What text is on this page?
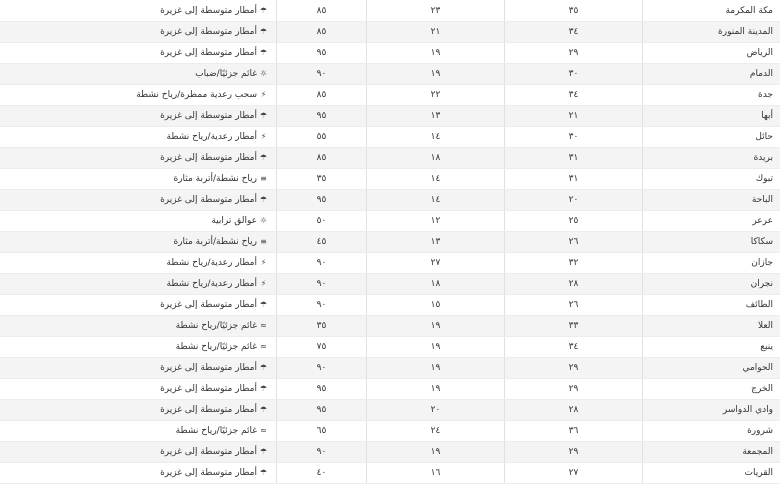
مكة المكرمة	٣٥	٢٣	٨٥	☂أمطار متوسطة إلى غزيرة
المدينة المنورة	٣٤	٢١	٨٥	☂أمطار متوسطة إلى غزيرة
الرياض	٢٩	١٩	٩٥	☂أمطار متوسطة إلى غزيرة
الدمام	٣٠	١٩	٩٠	☼غائم جزئيًا/ضباب
جدة	٣٤	٢٢	٨٥	⚡سحب رعدية ممطرة/رياح نشطة
أبها	٢١	١٣	٩٥	☂أمطار متوسطة إلى غزيرة
حائل	٣٠	١٤	٥٥	⚡أمطار رعدية/رياح نشطة
بريدة	٣١	١٨	٨٥	☂أمطار متوسطة إلى غزيرة
تبوك	٣١	١٤	٣٥	≡رياح نشطة/أتربة مثارة
الباحة	٢٠	١٤	٩٥	☂أمطار متوسطة إلى غزيرة
عرعر	٢٥	١٢	٥٠	☼عوالق ترابية
سكاكا	٢٦	١٣	٤٥	≡رياح نشطة/أتربة مثارة
جازان	٣٢	٢٧	٩٠	⚡أمطار رعدية/رياح نشطة
نجران	٢٨	١٨	٩٠	⚡أمطار رعدية/رياح نشطة
الطائف	٢٦	١٥	٩٠	☂أمطار متوسطة إلى غزيرة
العلا	٣٣	١٩	٣٥	≈غائم جزئيًا/رياح نشطة
ينبع	٣٤	١٩	٧٥	≈غائم جزئيًا/رياح نشطة
الحوامي	٢٩	١٩	٩٠	☂أمطار متوسطة إلى غزيرة
الخرج	٢٩	١٩	٩٥	☂أمطار متوسطة إلى غزيرة
وادي الدواسر	٢٨	٢٠	٩٥	☂أمطار متوسطة إلى غزيرة
شرورة	٣٦	٢٤	٦٥	≈غائم جزئيًا/رياح نشطة
المجمعة	٢٩	١٩	٩٠	☂أمطار متوسطة إلى غزيرة
القريات	٢٧	١٦	٤٠	☂أمطار متوسطة إلى غزيرة
